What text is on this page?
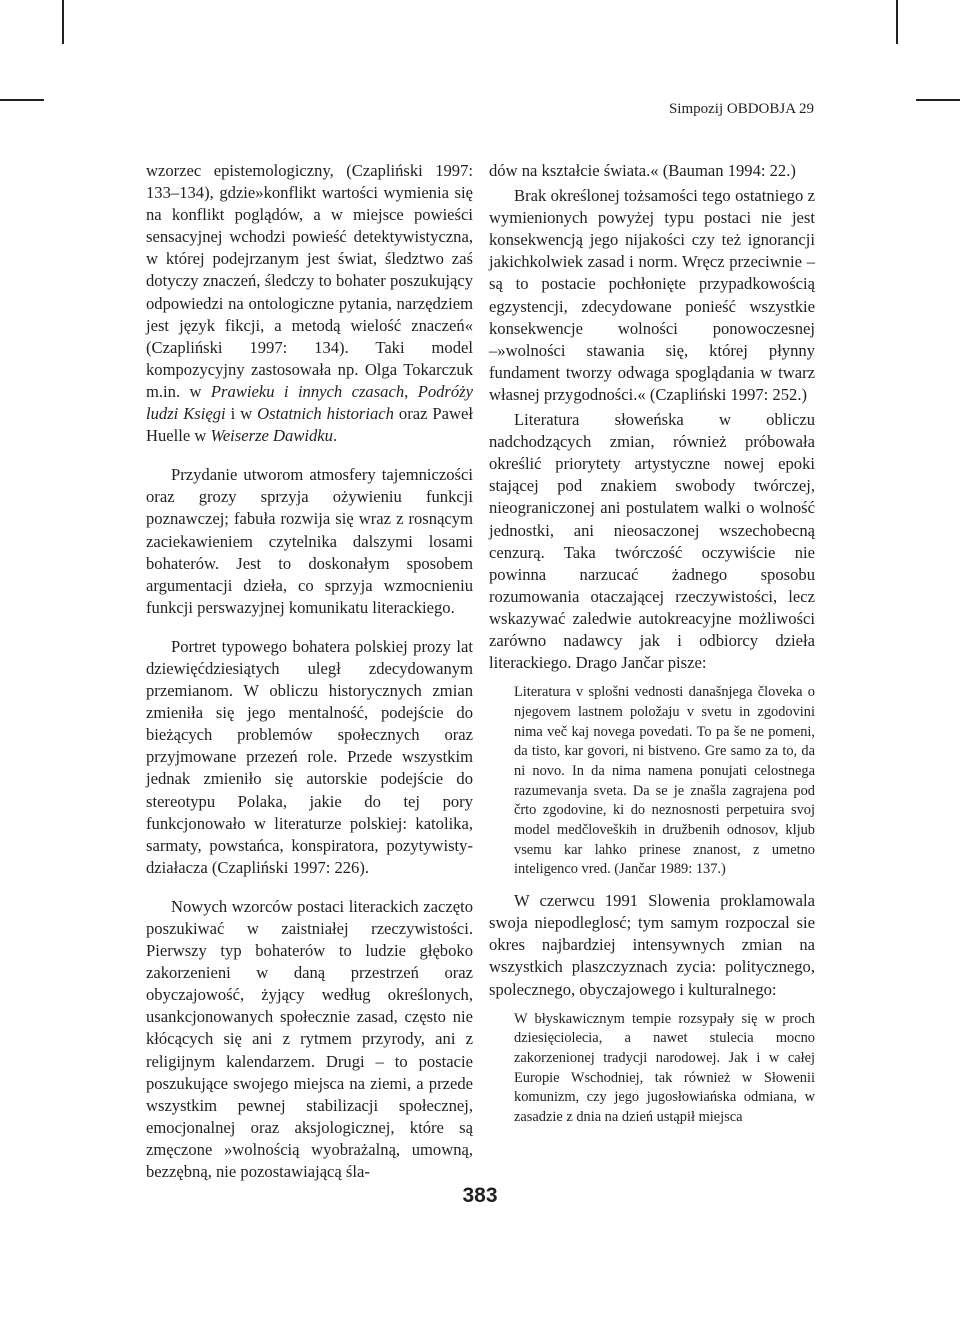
Simpozij OBDOBJA 29

wzorzec epistemologiczny, (Czapliński 1997: 133–134), gdzie»konflikt wartości wymienia się na konflikt poglądów, a w miejsce powieści sensacyjnej wchodzi powieść detektywistyczna, w której podejrzanym jest świat, śledztwo zaś dotyczy znaczeń, śledczy to bohater poszukujący odpowiedzi na ontologiczne pytania, narzędziem jest język fikcji, a metodą wielość znaczeń« (Czapliński 1997: 134). Taki model kompozycyjny zastosowała np. Olga Tokarczuk m.in. w Prawieku i innych czasach, Podróży ludzi Księgi i w Ostatnich historiach oraz Paweł Huelle w Weiserze Dawidku.

Przydanie utworom atmosfery tajemniczości oraz grozy sprzyja ożywieniu funkcji poznawczej; fabuła rozwija się wraz z rosnącym zaciekawieniem czytelnika dalszymi losami bohaterów. Jest to doskonałym sposobem argumentacji dzieła, co sprzyja wzmocnieniu funkcji perswazyjnej komunikatu literackiego.

Portret typowego bohatera polskiej prozy lat dziewięćdziesiątych uległ zdecydowanym przemianom. W obliczu historycznych zmian zmieniła się jego mentalność, podejście do bieżących problemów społecznych oraz przyjmowane przezeń role. Przede wszystkim jednak zmieniło się autorskie podejście do stereotypu Polaka, jakie do tej pory funkcjonowało w literaturze polskiej: katolika, sarmaty, powstańca, konspiratora, pozytywisty-działacza (Czapliński 1997: 226).

Nowych wzorców postaci literackich zaczęto poszukiwać w zaistniałej rzeczywistości. Pierwszy typ bohaterów to ludzie głęboko zakorzenieni w daną przestrzeń oraz obyczajowość, żyjący według określonych, usankcjonowanych społecznie zasad, często nie kłócących się ani z rytmem przyrody, ani z religijnym kalendarzem. Drugi – to postacie poszukujące swojego miejsca na ziemi, a przede wszystkim pewnej stabilizacji społecznej, emocjonalnej oraz aksjologicznej, które są zmęczone »wolnością wyobrażalną, umowną, bezzębną, nie pozostawiającą śla-

dów na kształcie świata.« (Bauman 1994: 22.)

Brak określonej tożsamości tego ostatniego z wymienionych powyżej typu postaci nie jest konsekwencją jego nijakości czy też ignorancji jakichkolwiek zasad i norm. Wręcz przeciwnie – są to postacie pochłonięte przypadkowością egzystencji, zdecydowane ponieść wszystkie konsekwencje wolności ponowoczesnej –»wolności stawania się, której płynny fundament tworzy odwaga spoglądania w twarz własnej przygodności.« (Czapliński 1997: 252.)

Literatura słoweńska w obliczu nadchodzących zmian, również próbowała określić priorytety artystyczne nowej epoki stającej pod znakiem swobody twórczej, nieograniczonej ani postulatem walki o wolność jednostki, ani nieosaczonej wszechobecną cenzurą. Taka twórczość oczywiście nie powinna narzucać żadnego sposobu rozumowania otaczającej rzeczywistości, lecz wskazywać zaledwie autokreacyjne możliwości zarówno nadawcy jak i odbiorcy dzieła literackiego. Drago Jančar pisze:

Literatura v splošni vednosti današnjega človeka o njegovem lastnem položaju v svetu in zgodovini nima več kaj novega povedati. To pa še ne pomeni, da tisto, kar govori, ni bistveno. Gre samo za to, da ni novo. In da nima namena ponujati celostnega razumevanja sveta. Da se je znašla zagrajena pod črto zgodovine, ki do neznosnosti perpetuira svoj model medčloveških in družbenih odnosov, kljub vsemu kar lahko prinese znanost, z umetno inteligenco vred. (Jančar 1989: 137.)

W czerwcu 1991 Slowenia proklamowala swoja niepodleglosć; tym samym rozpoczal sie okres najbardziej intensywnych zmian na wszystkich plaszczyznach zycia: politycznego, spolecznego, obyczajowego i kulturalnego:

W błyskawicznym tempie rozsypały się w proch dziesięciolecia, a nawet stulecia mocno zakorzenionej tradycji narodowej. Jak i w całej Europie Wschodniej, tak również w Słowenii komunizm, czy jego jugosłowiańska odmiana, w zasadzie z dnia na dzień ustąpił miejsca

383
